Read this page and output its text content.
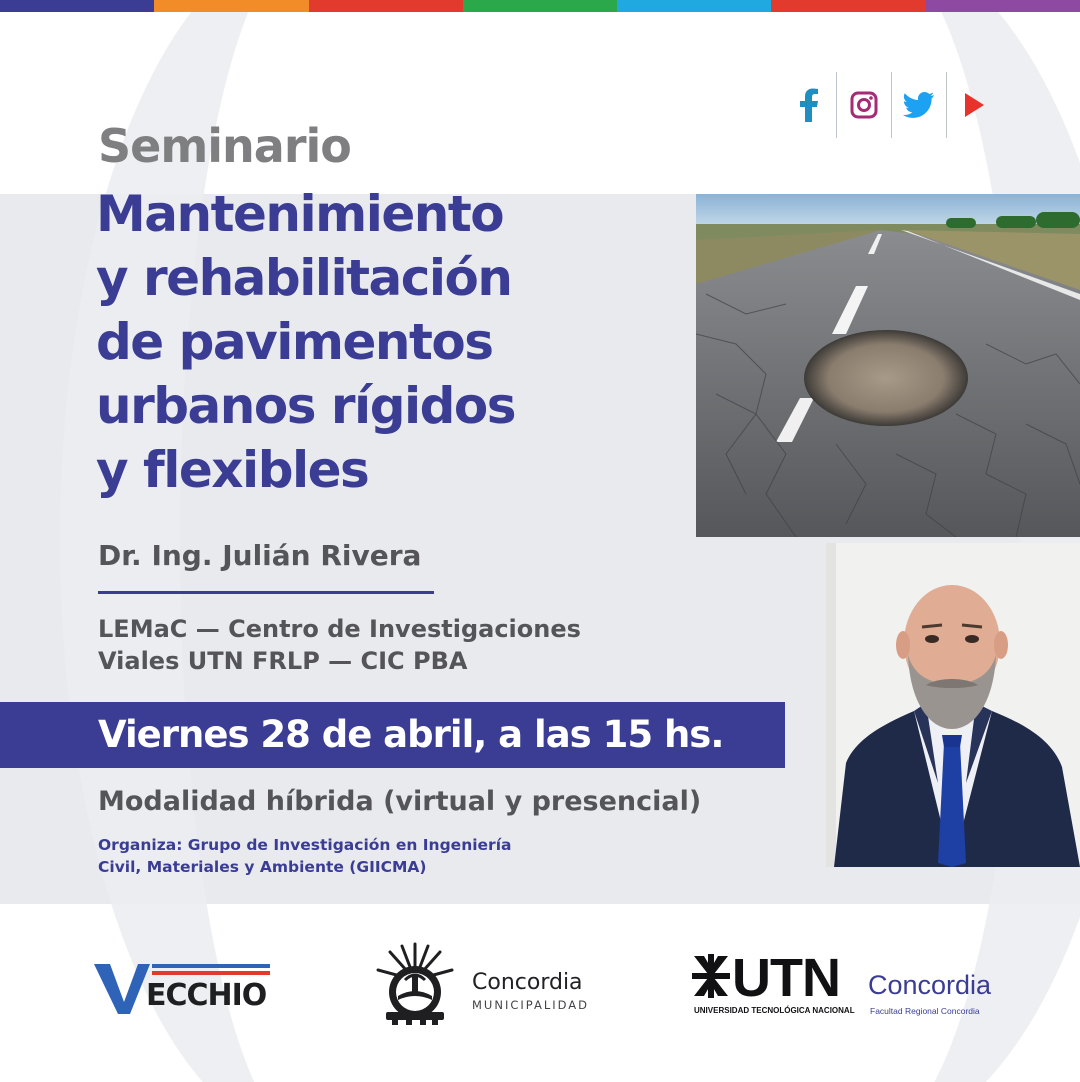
Seminario
Mantenimiento
y rehabilitación
de pavimentos
urbanos rígidos
y flexibles
Dr. Ing. Julián Rivera
LEMaC — Centro de Investigaciones
Viales UTN FRLP — CIC PBA
Viernes 28 de abril, a las 15 hs.
Modalidad híbrida (virtual y presencial)
Organiza: Grupo de Investigación en Ingeniería
Civil, Materiales y Ambiente (GIICMA)
ECCHIO	Concordia
MUNICIPALIDAD	UTN Concordia
UNIVERSIDAD TECNOLÓGICA NACIONAL Facultad Regional Concordia
